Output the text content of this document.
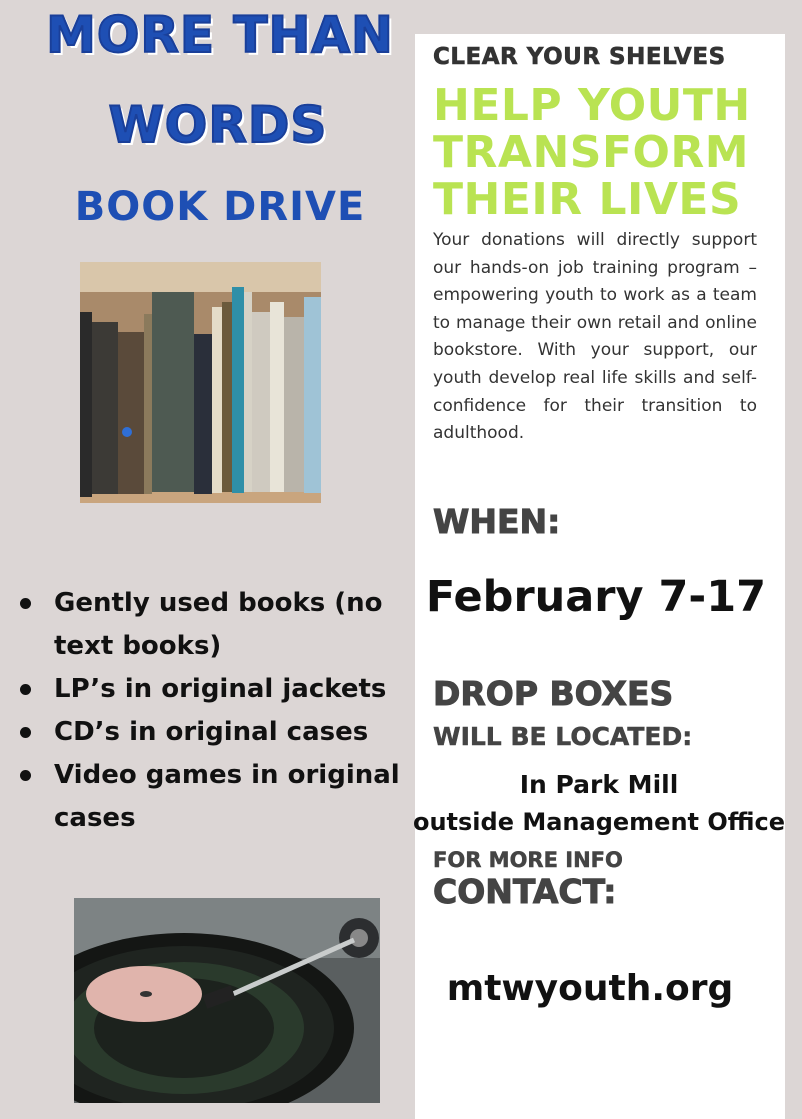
MORE THAN
WORDS
BOOK DRIVE
Gently used books (no text books)
LP’s in original jackets
CD’s in original cases
Video games in original cases
CLEAR YOUR SHELVES
HELP YOUTH
TRANSFORM
THEIR LIVES
Your donations will directly support our hands-on job training program – empowering youth to work as a team to manage their own retail and online bookstore. With your support, our youth develop real life skills and self-confidence for their transition to adulthood.
WHEN:
February 7-17
DROP BOXES
WILL BE LOCATED:
In Park Mill
outside Management Office
FOR MORE INFO
CONTACT:
mtwyouth.org
